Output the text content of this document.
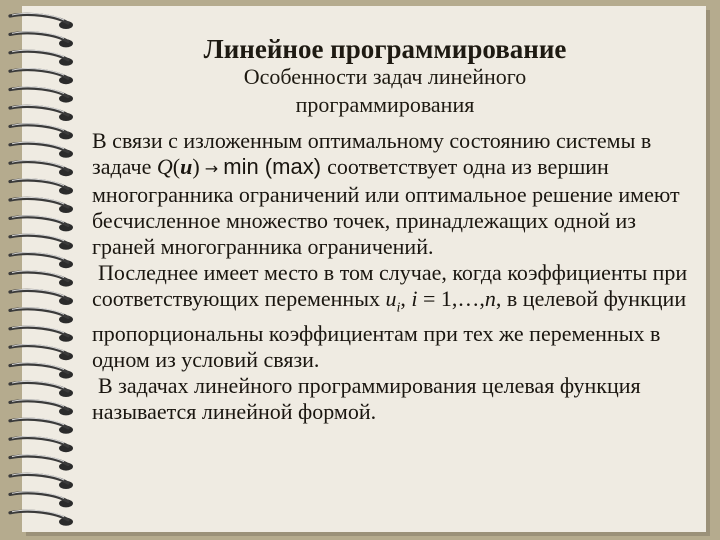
Линейное программирование
Особенности задач линейного
программирования

В связи с изложенным оптимальному состоянию системы в задаче Q(u) → min (max) соответствует одна из вершин многогранника ограничений или оптимальное решение имеют бесчисленное множество точек, принадлежащих одной из граней многогранника ограничений.

Последнее имеет место в том случае, когда коэффициенты при соответствующих переменных $u_i$, i = 1,…,n, в целевой функции пропорциональны коэффициентам при тех же переменных в одном из условий связи.

В задачах линейного программирования целевая функция называется линейной формой.
